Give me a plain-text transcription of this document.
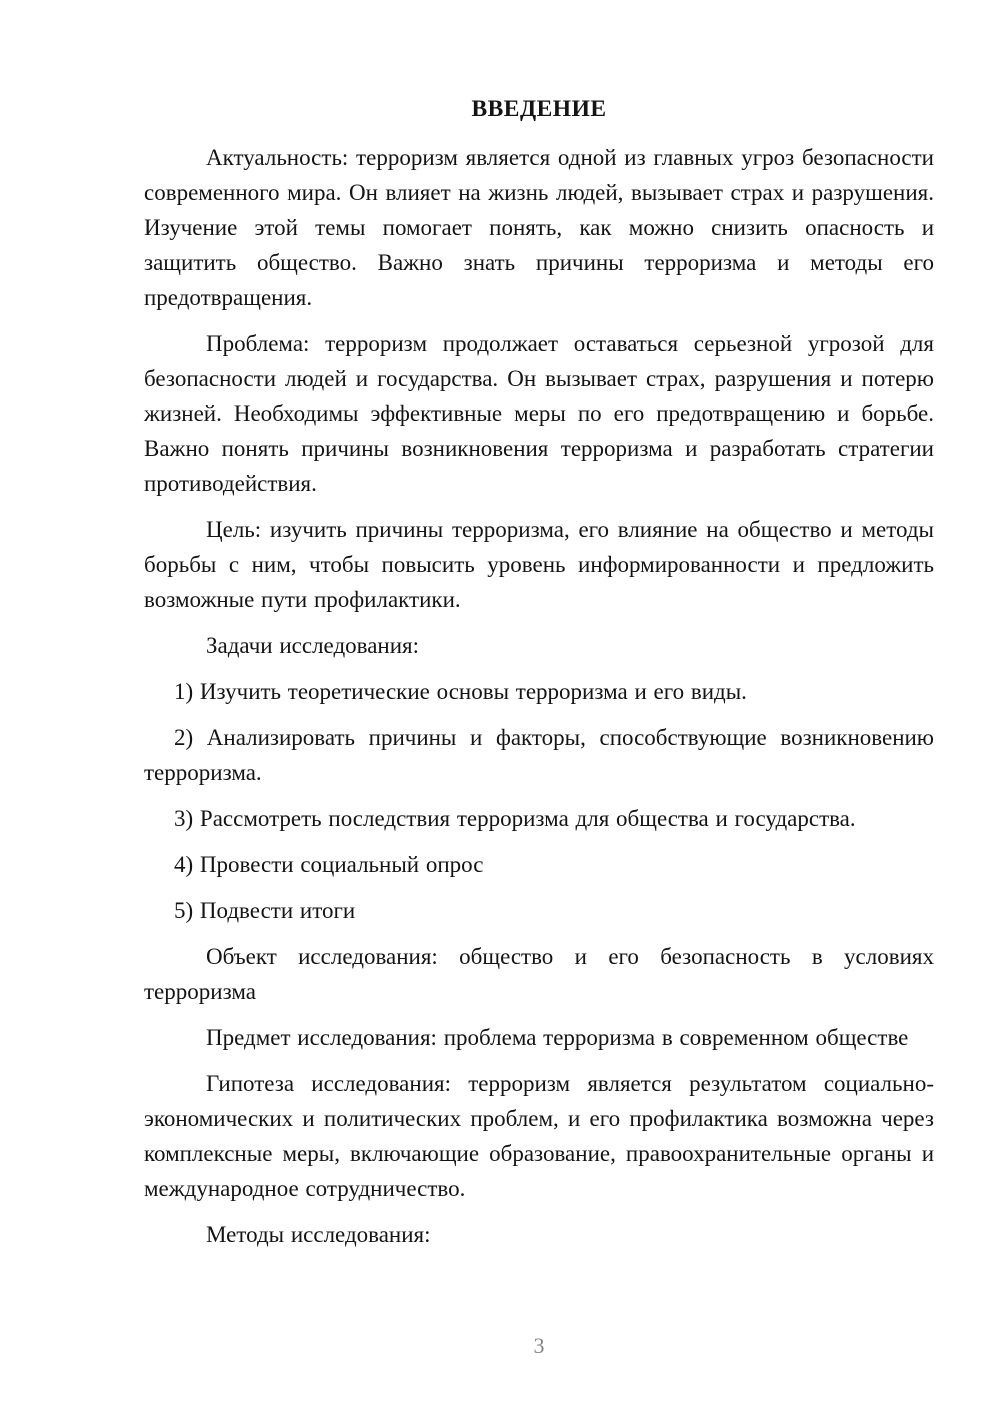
ВВЕДЕНИЕ

Актуальность: терроризм является одной из главных угроз безопасности современного мира. Он влияет на жизнь людей, вызывает страх и разрушения. Изучение этой темы помогает понять, как можно снизить опасность и защитить общество. Важно знать причины терроризма и методы его предотвращения.

Проблема: терроризм продолжает оставаться серьезной угрозой для безопасности людей и государства. Он вызывает страх, разрушения и потерю жизней. Необходимы эффективные меры по его предотвращению и борьбе. Важно понять причины возникновения терроризма и разработать стратегии противодействия.

Цель: изучить причины терроризма, его влияние на общество и методы борьбы с ним, чтобы повысить уровень информированности и предложить возможные пути профилактики.

Задачи исследования:

1) Изучить теоретические основы терроризма и его виды.

2) Анализировать причины и факторы, способствующие возникновению терроризма.

3) Рассмотреть последствия терроризма для общества и государства.

4) Провести социальный опрос

5) Подвести итоги

Объект исследования: общество и его безопасность в условиях терроризма

Предмет исследования: проблема терроризма в современном обществе

Гипотеза исследования: терроризм является результатом социально-экономических и политических проблем, и его профилактика возможна через комплексные меры, включающие образование, правоохранительные органы и международное сотрудничество.

Методы исследования:

3
